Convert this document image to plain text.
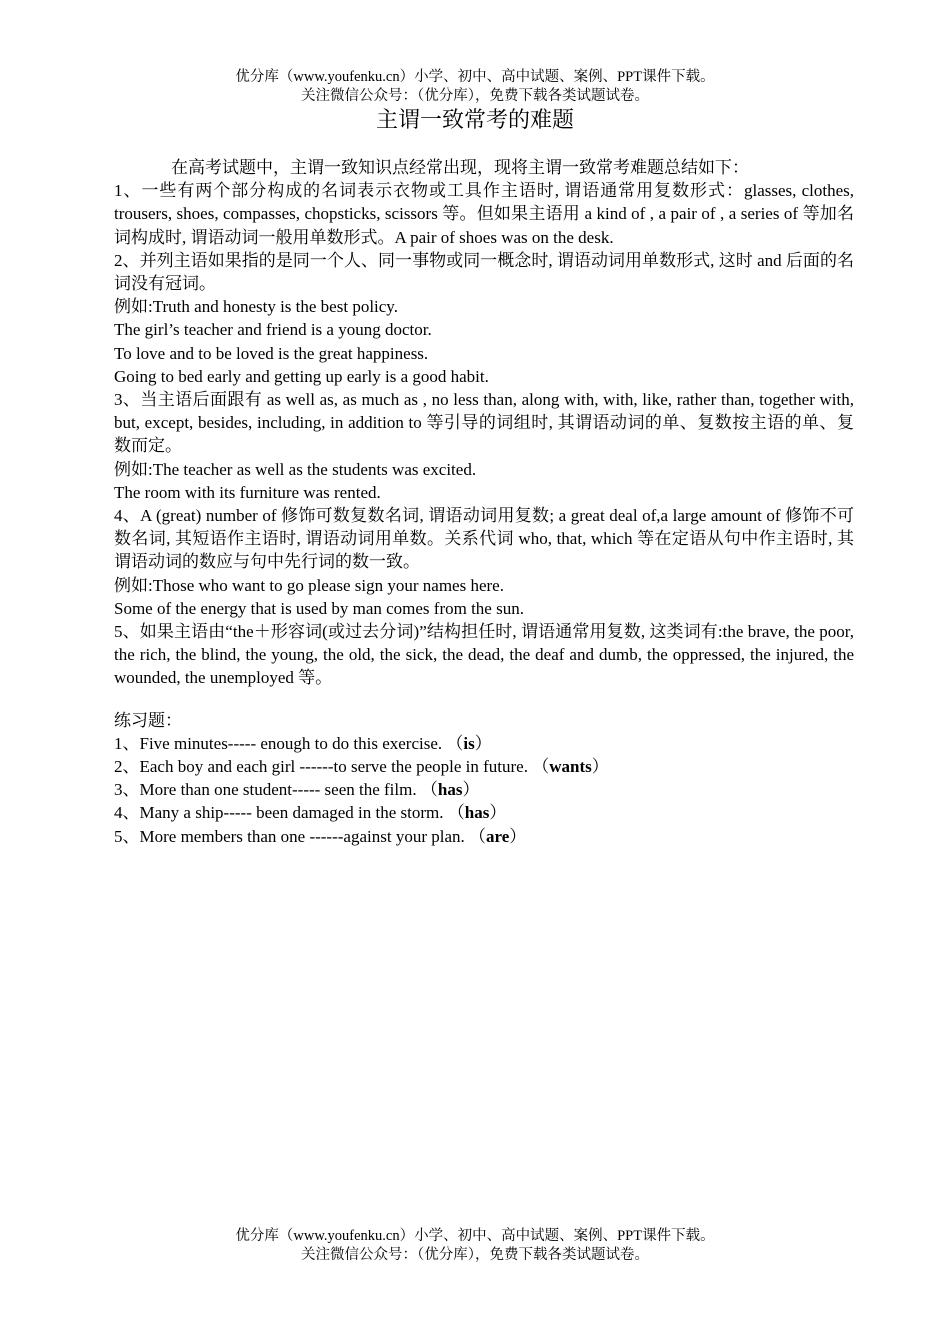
优分库（www.youfenku.cn）小学、初中、高中试题、案例、PPT课件下载。
关注微信公众号：（优分库），免费下载各类试题试卷。
主谓一致常考的难题

在高考试题中，主谓一致知识点经常出现，现将主谓一致常考难题总结如下：

1、一些有两个部分构成的名词表示衣物或工具作主语时, 谓语通常用复数形式：glasses, clothes, trousers, shoes, compasses, chopsticks, scissors 等。但如果主语用 a kind of , a pair of , a series of 等加名词构成时, 谓语动词一般用单数形式。A pair of shoes was on the desk.

2、并列主语如果指的是同一个人、同一事物或同一概念时, 谓语动词用单数形式, 这时 and 后面的名词没有冠词。

例如:Truth and honesty is the best policy.

The girl’s teacher and friend is a young doctor.

To love and to be loved is the great happiness.

Going to bed early and getting up early is a good habit.

3、当主语后面跟有 as well as, as much as , no less than, along with, with, like, rather than, together with, but, except, besides, including, in addition to 等引导的词组时, 其谓语动词的单、复数按主语的单、复数而定。

例如:The teacher as well as the students was excited.

The room with its furniture was rented.

4、A (great) number of 修饰可数复数名词, 谓语动词用复数; a great deal of,a large amount of 修饰不可数名词, 其短语作主语时, 谓语动词用单数。关系代词 who, that, which 等在定语从句中作主语时, 其谓语动词的数应与句中先行词的数一致。

例如:Those who want to go please sign your names here.

Some of the energy that is used by man comes from the sun.

5、如果主语由“the＋形容词(或过去分词)”结构担任时, 谓语通常用复数, 这类词有:the brave, the poor, the rich, the blind, the young, the old, the sick, the dead, the deaf and dumb, the oppressed, the injured, the wounded, the unemployed 等。

练习题：

1、Five minutes----- enough to do this exercise. （is）

2、Each boy and each girl ------to serve the people in future. （wants）

3、More than one student----- seen the film. （has）

4、Many a ship----- been damaged in the storm. （has）

5、More members than one ------against your plan. （are）

优分库（www.youfenku.cn）小学、初中、高中试题、案例、PPT课件下载。
关注微信公众号：（优分库），免费下载各类试题试卷。
